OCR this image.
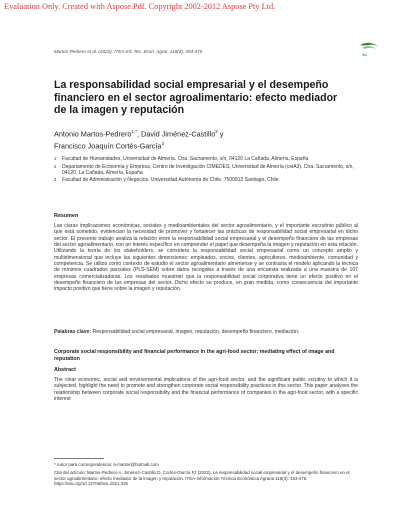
Evaluation Only. Created with Aspose.Pdf. Copyright 2002-2012 Aspose Pty Ltd.
Martos-Pedrero et al. (2022). ITEA-Inf. Tec. Econ. Agrar. 118(3), 453-475
itea
La responsabilidad social empresarial y el desempeño financiero en el sector agroalimentario: efecto mediador de la imagen y reputación
Antonio Martos-Pedrero$^{1,*}$, David Jiménez-Castillo$^2$ y
Francisco Joaquín Cortés-García$^3$
1	Facultad de Humanidades, Universidad de Almería. Ctra. Sacramento, s/n, 04120 La Cañada, Almería, España
2	Departamento de Economía y Empresa, Centro de Investigación CIMEDES, Universidad de Almería (ceiA3). Ctra. Sacramento, s/n, 04120, La Cañada, Almería, España
3	Facultad de Administración y Negocios, Universidad Autónoma de Chile. 7500912 Santiago, Chile
Resumen

Las claras implicaciones económicas, sociales y medioambientales del sector agroalimentario, y el importante escrutinio público al que está sometido, evidencian la necesidad de promover y fortalecer las prácticas de responsabilidad social empresarial en dicho sector. El presente trabajo analiza la relación entre la responsabilidad social empresarial y el desempeño financiero de las empresas del sector agroalimentario, con un interés específico en comprender el papel que desempeña la imagen y reputación en esta relación. Utilizando la teoría de los stakeholders, se considera la responsabilidad social empresarial como un concepto amplio y multidimensional que incluye las siguientes dimensiones: empleados, socios, clientes, agricultores, medioambiente, comunidad y competencia. Se utiliza como contexto de estudio el sector agroalimentario almeriense y se contrasta el modelo aplicando la técnica de mínimos cuadrados parciales (PLS-SEM) sobre datos recogidos a través de una encuesta realizada a una muestra de 107 empresas comercializadoras. Los resultados muestran que la responsabilidad social corporativa tiene un efecto positivo en el desempeño financiero de las empresas del sector. Dicho efecto se produce, en gran medida, como consecuencia del importante impacto positivo que tiene sobre la imagen y reputación.

Palabras clave: Responsabilidad social empresarial, imagen, reputación, desempeño financiero, mediación.

Corporate social responsibility and financial performance in the agri-food sector: mediating effect of image and reputation
Abstract

The clear economic, social and environmental implications of the agri-food sector, and the significant public scrutiny to which it is subjected, highlight the need to promote and strengthen corporate social responsibility practices in this sector. This paper analyses the relationship between corporate social responsibility and the financial performance of companies in the agri-food sector, with a specific interest

* Autor para correspondencia: a-martos@hotmail.com

Cita del artículo: Martos-Pedrero A, Jiménez-Castillo D, Cortés-García FJ (2022). La responsabilidad social empresarial y el desempeño financiero en el sector agroalimentario: efecto mediador de la imagen y reputación. ITEA-Información Técnica Económica Agraria 118(3): 453-475. https://doi.org/10.12706/itea.2021.035
